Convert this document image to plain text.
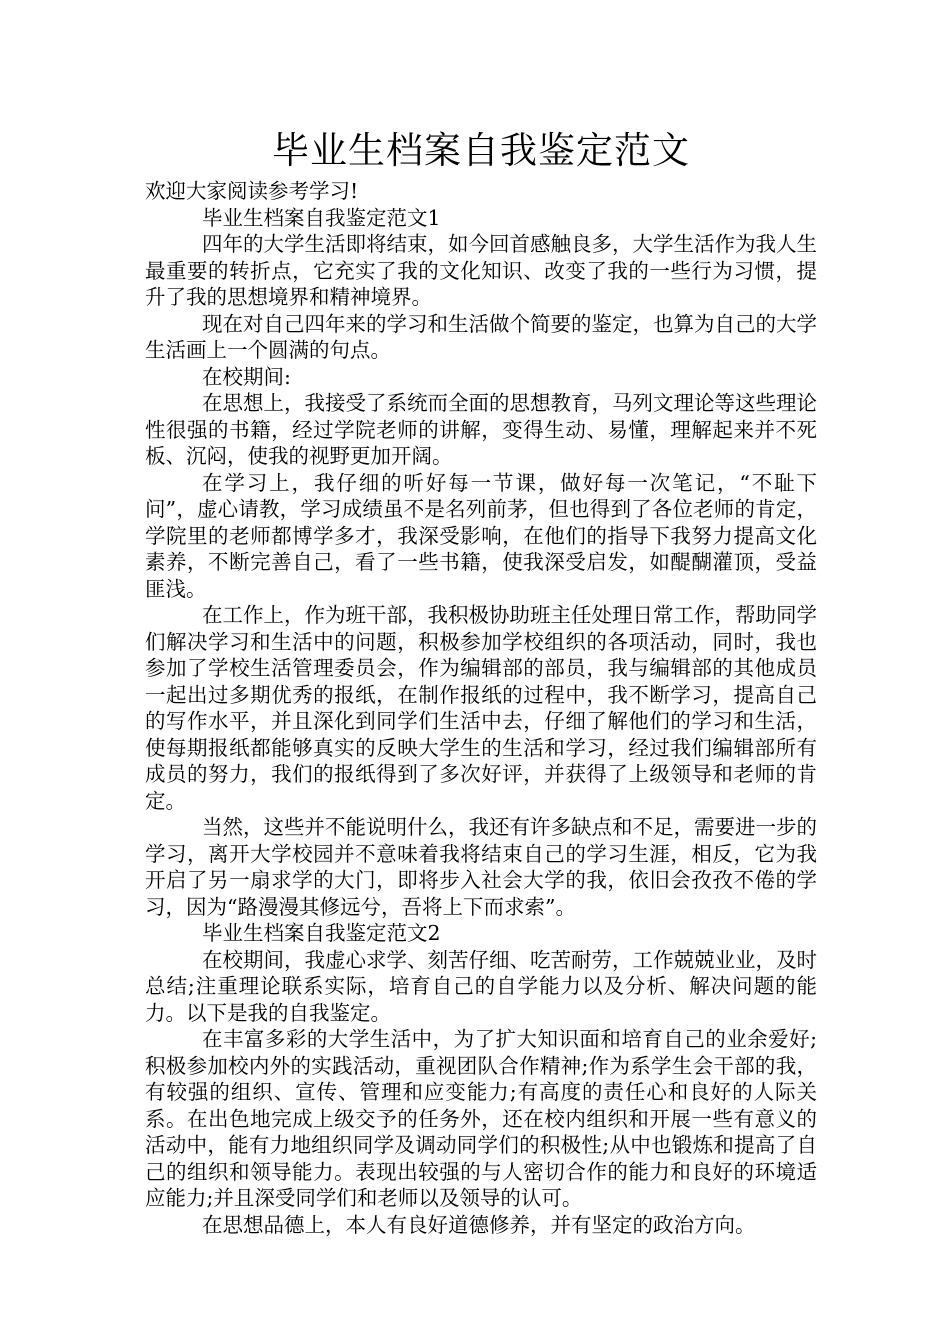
毕业生档案自我鉴定范文

欢迎大家阅读参考学习!

毕业生档案自我鉴定范文1

四年的大学生活即将结束，如今回首感触良多，大学生活作为我人生最重要的转折点，它充实了我的文化知识、改变了我的一些行为习惯，提升了我的思想境界和精神境界。

现在对自己四年来的学习和生活做个简要的鉴定，也算为自己的大学生活画上一个圆满的句点。

在校期间:

在思想上，我接受了系统而全面的思想教育，马列文理论等这些理论性很强的书籍，经过学院老师的讲解，变得生动、易懂，理解起来并不死板、沉闷，使我的视野更加开阔。

在学习上，我仔细的听好每一节课，做好每一次笔记，“不耻下问”，虚心请教，学习成绩虽不是名列前茅，但也得到了各位老师的肯定，学院里的老师都博学多才，我深受影响，在他们的指导下我努力提高文化素养，不断完善自己，看了一些书籍，使我深受启发，如醍醐灌顶，受益匪浅。

在工作上，作为班干部，我积极协助班主任处理日常工作，帮助同学们解决学习和生活中的问题，积极参加学校组织的各项活动，同时，我也参加了学校生活管理委员会，作为编辑部的部员，我与编辑部的其他成员一起出过多期优秀的报纸，在制作报纸的过程中，我不断学习，提高自己的写作水平，并且深化到同学们生活中去，仔细了解他们的学习和生活，使每期报纸都能够真实的反映大学生的生活和学习，经过我们编辑部所有成员的努力，我们的报纸得到了多次好评，并获得了上级领导和老师的肯定。

当然，这些并不能说明什么，我还有许多缺点和不足，需要进一步的学习，离开大学校园并不意味着我将结束自己的学习生涯，相反，它为我开启了另一扇求学的大门，即将步入社会大学的我，依旧会孜孜不倦的学习，因为“路漫漫其修远兮，吾将上下而求索”。

毕业生档案自我鉴定范文2

在校期间，我虚心求学、刻苦仔细、吃苦耐劳，工作兢兢业业，及时总结;注重理论联系实际，培育自己的自学能力以及分析、解决问题的能力。以下是我的自我鉴定。

在丰富多彩的大学生活中，为了扩大知识面和培育自己的业余爱好;积极参加校内外的实践活动，重视团队合作精神;作为系学生会干部的我，有较强的组织、宣传、管理和应变能力;有高度的责任心和良好的人际关系。在出色地完成上级交予的任务外，还在校内组织和开展一些有意义的活动中，能有力地组织同学及调动同学们的积极性;从中也锻炼和提高了自己的组织和领导能力。表现出较强的与人密切合作的能力和良好的环境适应能力;并且深受同学们和老师以及领导的认可。

在思想品德上，本人有良好道德修养，并有坚定的政治方向。
